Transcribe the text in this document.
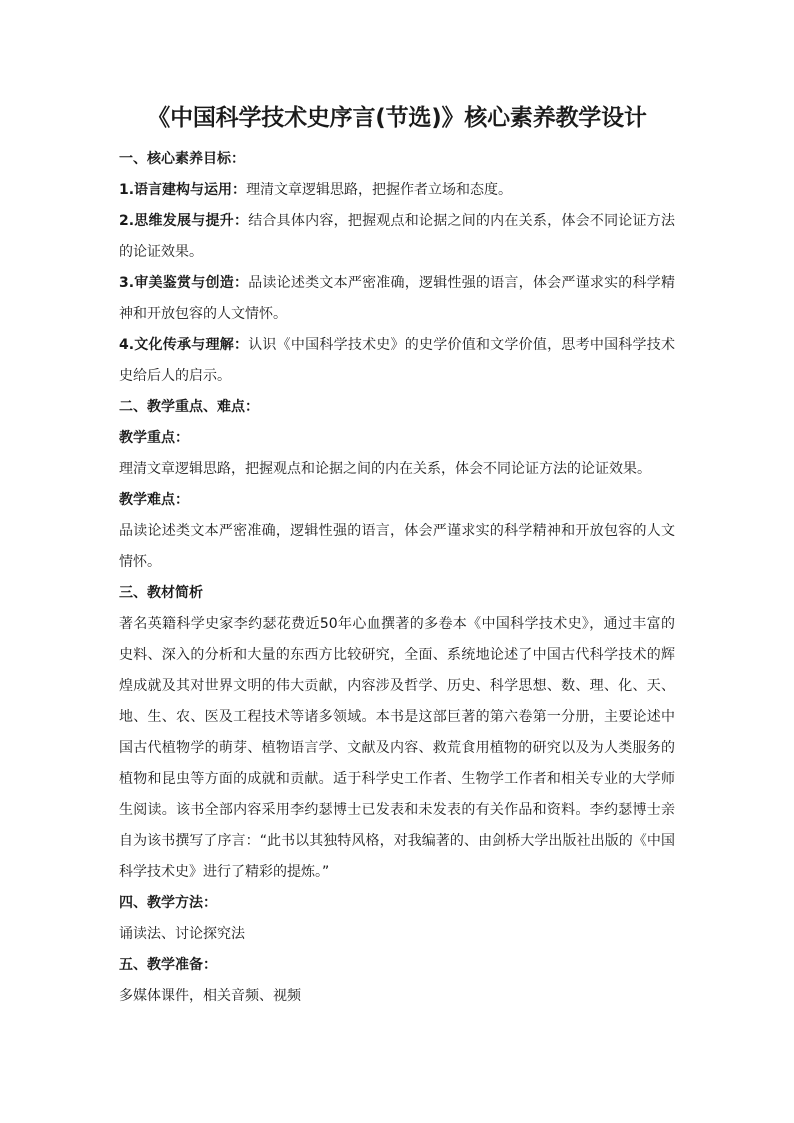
《中国科学技术史序言(节选)》核心素养教学设计

一、核心素养目标：

1.语言建构与运用：理清文章逻辑思路，把握作者立场和态度。

2.思维发展与提升：结合具体内容，把握观点和论据之间的内在关系，体会不同论证方法的论证效果。

3.审美鉴赏与创造：品读论述类文本严密准确，逻辑性强的语言，体会严谨求实的科学精神和开放包容的人文情怀。

4.文化传承与理解：认识《中国科学技术史》的史学价值和文学价值，思考中国科学技术史给后人的启示。

二、教学重点、难点：

教学重点：

理清文章逻辑思路，把握观点和论据之间的内在关系，体会不同论证方法的论证效果。

教学难点：

品读论述类文本严密准确，逻辑性强的语言，体会严谨求实的科学精神和开放包容的人文情怀。

三、教材简析

著名英籍科学史家李约瑟花费近50年心血撰著的多卷本《中国科学技术史》，通过丰富的史料、深入的分析和大量的东西方比较研究，全面、系统地论述了中国古代科学技术的辉煌成就及其对世界文明的伟大贡献，内容涉及哲学、历史、科学思想、数、理、化、天、地、生、农、医及工程技术等诸多领域。本书是这部巨著的第六卷第一分册，主要论述中国古代植物学的萌芽、植物语言学、文献及内容、救荒食用植物的研究以及为人类服务的植物和昆虫等方面的成就和贡献。适于科学史工作者、生物学工作者和相关专业的大学师生阅读。该书全部内容采用李约瑟博士已发表和未发表的有关作品和资料。李约瑟博士亲自为该书撰写了序言：“此书以其独特风格，对我编著的、由剑桥大学出版社出版的《中国科学技术史》进行了精彩的提炼。”

四、教学方法：

诵读法、讨论探究法

五、教学准备：

多媒体课件，相关音频、视频
